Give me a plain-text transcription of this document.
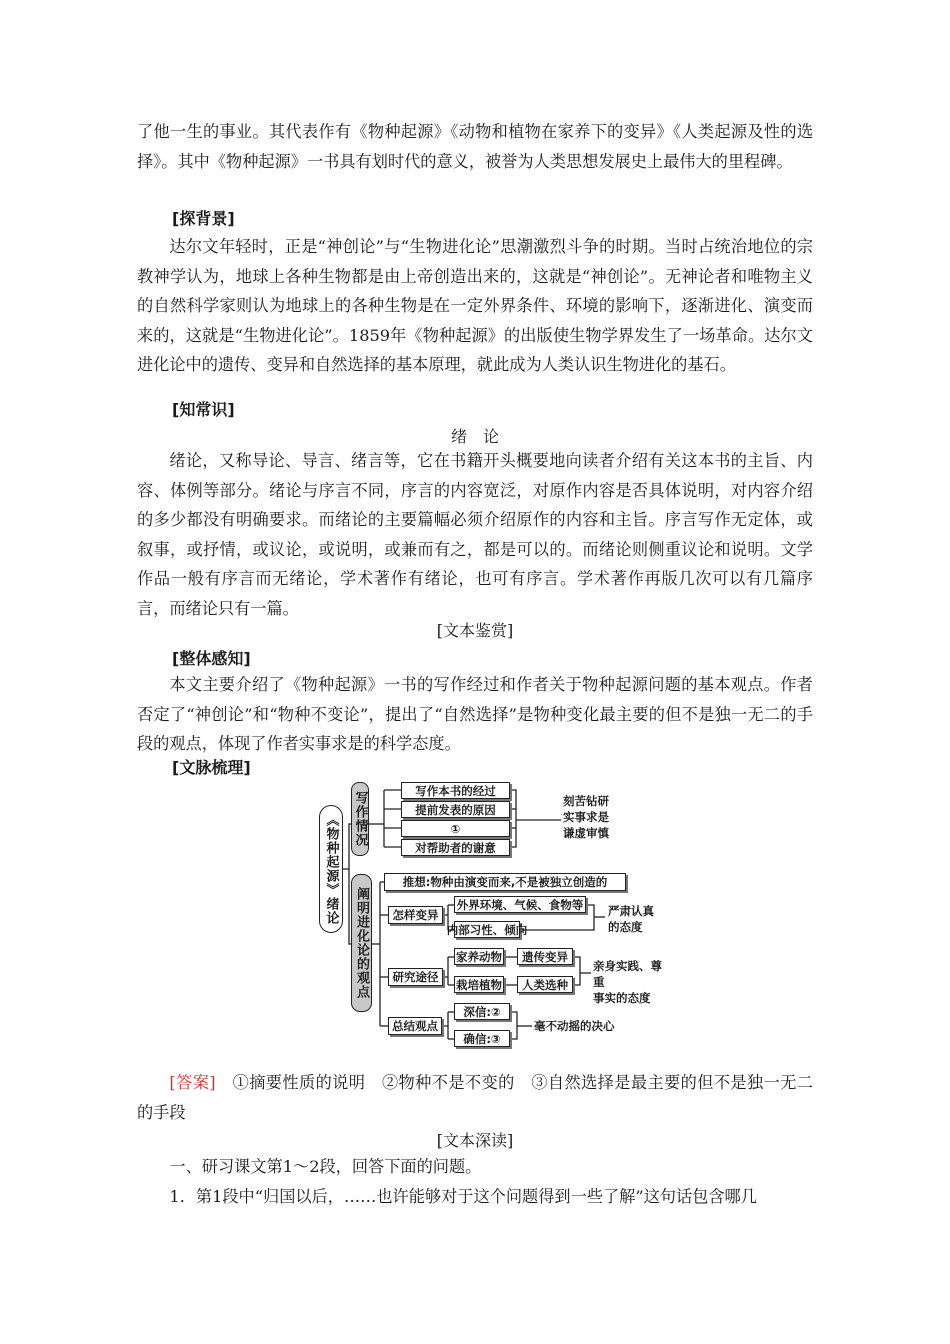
了他一生的事业。其代表作有《物种起源》《动物和植物在家养下的变异》《人类起源及性的选择》。其中《物种起源》一书具有划时代的意义，被誉为人类思想发展史上最伟大的里程碑。

[探背景]

达尔文年轻时，正是“神创论”与“生物进化论”思潮激烈斗争的时期。当时占统治地位的宗教神学认为，地球上各种生物都是由上帝创造出来的，这就是“神创论”。无神论者和唯物主义的自然科学家则认为地球上的各种生物是在一定外界条件、环境的影响下，逐渐进化、演变而来的，这就是“生物进化论”。1859年《物种起源》的出版使生物学界发生了一场革命。达尔文进化论中的遗传、变异和自然选择的基本原理，就此成为人类认识生物进化的基石。

[知常识]

绪　论

绪论，又称导论、导言、绪言等，它在书籍开头概要地向读者介绍有关这本书的主旨、内容、体例等部分。绪论与序言不同，序言的内容宽泛，对原作内容是否具体说明，对内容介绍的多少都没有明确要求。而绪论的主要篇幅必须介绍原作的内容和主旨。序言写作无定体，或叙事，或抒情，或议论，或说明，或兼而有之，都是可以的。而绪论则侧重议论和说明。文学作品一般有序言而无绪论，学术著作有绪论，也可有序言。学术著作再版几次可以有几篇序言，而绪论只有一篇。

[文本鉴赏]

[整体感知]

本文主要介绍了《物种起源》一书的写作经过和作者关于物种起源问题的基本观点。作者否定了“神创论”和“物种不变论”，提出了“自然选择”是物种变化最主要的但不是独一无二的手段的观点，体现了作者实事求是的科学态度。

[文脉梳理]

《物种起源》绪论 写作情况
阐明进化论的观点
写作本书的经过
提前发表的原因
①
对帮助者的谢意
刻苦钻研
实事求是
谦虚审慎
推想:物种由演变而来,不是被独立创造的
怎样变异
外界环境、气候、食物等
内部习性、倾向
严肃认真
的态度
研究途径
家养动物
栽培植物
遗传变异
人类选种
亲身实践、尊重
事实的态度
总结观点
深信:②
确信:③
毫不动摇的决心

[答案]　①摘要性质的说明　②物种不是不变的　③自然选择是最主要的但不是独一无二的手段

[文本深读]

一、研习课文第1～2段，回答下面的问题。

1．第1段中“归国以后，……也许能够对于这个问题得到一些了解”这句话包含哪几
